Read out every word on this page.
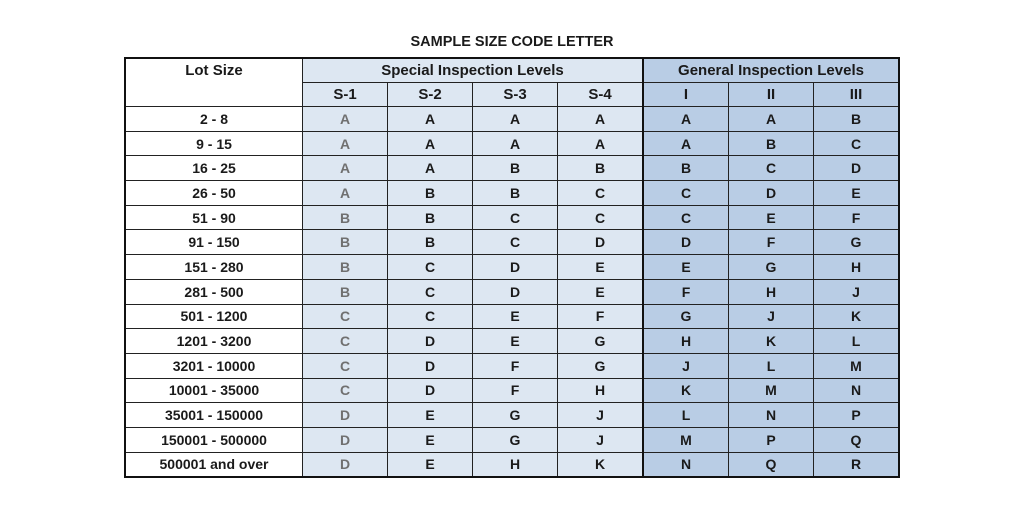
SAMPLE SIZE CODE LETTER
Lot Size	Special Inspection Levels				General Inspection Levels		
	S-1	S-2	S-3	S-4	I	II	III
2 - 8	A	A	A	A	A	A	B
9 - 15	A	A	A	A	A	B	C
16 - 25	A	A	B	B	B	C	D
26 - 50	A	B	B	C	C	D	E
51 - 90	B	B	C	C	C	E	F
91 - 150	B	B	C	D	D	F	G
151 - 280	B	C	D	E	E	G	H
281 - 500	B	C	D	E	F	H	J
501 - 1200	C	C	E	F	G	J	K
1201 - 3200	C	D	E	G	H	K	L
3201 - 10000	C	D	F	G	J	L	M
10001 - 35000	C	D	F	H	K	M	N
35001 - 150000	D	E	G	J	L	N	P
150001 - 500000	D	E	G	J	M	P	Q
500001 and over	D	E	H	K	N	Q	R
